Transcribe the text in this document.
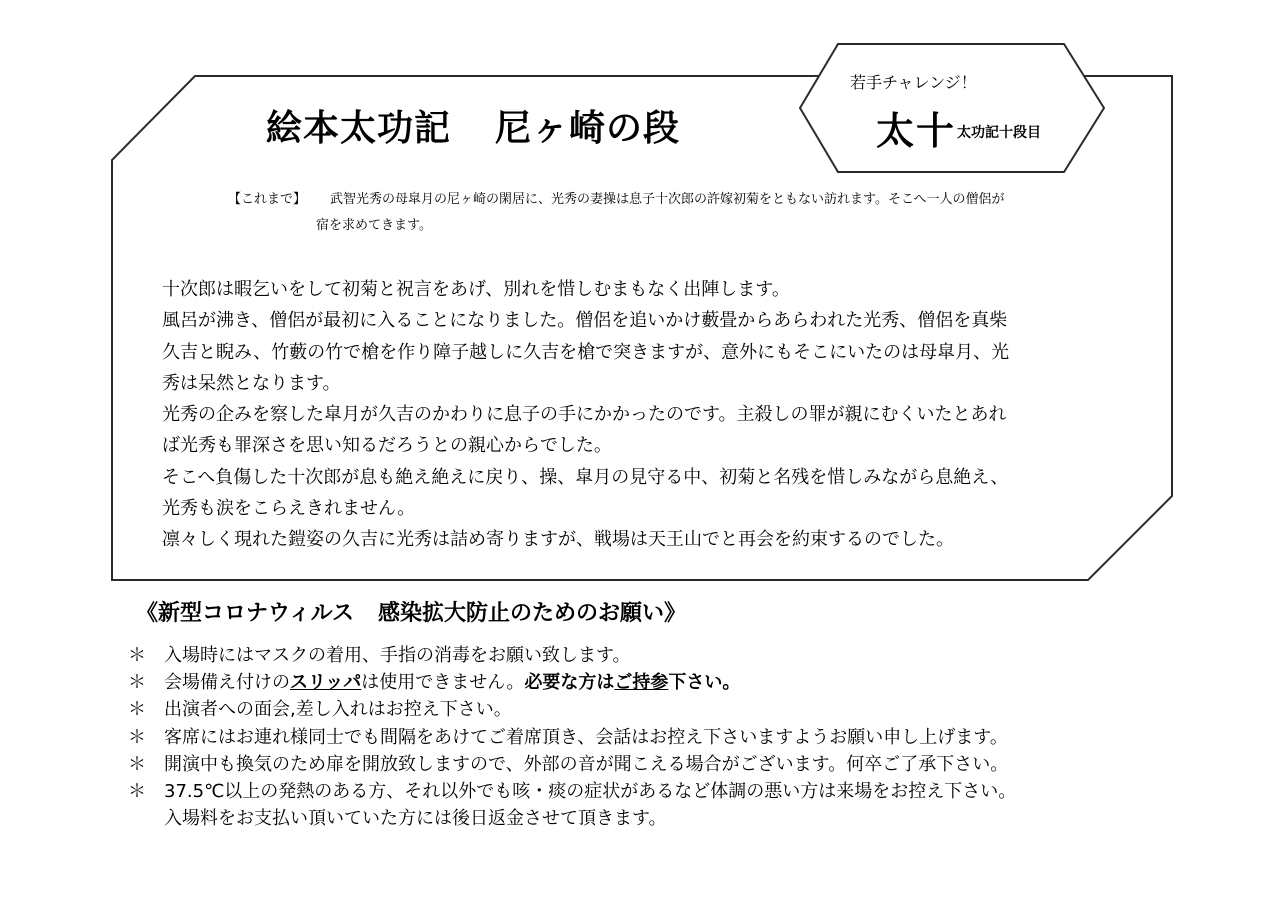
絵本太功記 尼ヶ崎の段
若手チャレンジ！
太十 太功記十段目
【これまで】 武智光秀の母皐月の尼ヶ崎の閑居に、光秀の妻操は息子十次郎の許嫁初菊をともない訪れます。そこへ一人の僧侶が
宿を求めてきます。

十次郎は暇乞いをして初菊と祝言をあげ、別れを惜しむまもなく出陣します。

風呂が沸き、僧侶が最初に入ることになりました。僧侶を追いかけ藪畳からあらわれた光秀、僧侶を真柴

久吉と睨み、竹藪の竹で槍を作り障子越しに久吉を槍で突きますが、意外にもそこにいたのは母皐月、光

秀は呆然となります。

光秀の企みを察した皐月が久吉のかわりに息子の手にかかったのです。主殺しの罪が親にむくいたとあれ

ば光秀も罪深さを思い知るだろうとの親心からでした。

そこへ負傷した十次郎が息も絶え絶えに戻り、操、皐月の見守る中、初菊と名残を惜しみながら息絶え、

光秀も涙をこらえきれません。

凛々しく現れた鎧姿の久吉に光秀は詰め寄りますが、戦場は天王山でと再会を約束するのでした。

《新型コロナウィルス 感染拡大防止のためのお願い》
＊ 入場時にはマスクの着用、手指の消毒をお願い致します。
＊ 会場備え付けのスリッパは使用できません。必要な方はご持参下さい。
＊ 出演者への面会,差し入れはお控え下さい。
＊ 客席にはお連れ様同士でも間隔をあけてご着席頂き、会話はお控え下さいますようお願い申し上げます。
＊ 開演中も換気のため扉を開放致しますので、外部の音が聞こえる場合がございます。何卒ご了承下さい。
＊ 37.5℃以上の発熱のある方、それ以外でも咳・痰の症状があるなど体調の悪い方は来場をお控え下さい。
入場料をお支払い頂いていた方には後日返金させて頂きます。
